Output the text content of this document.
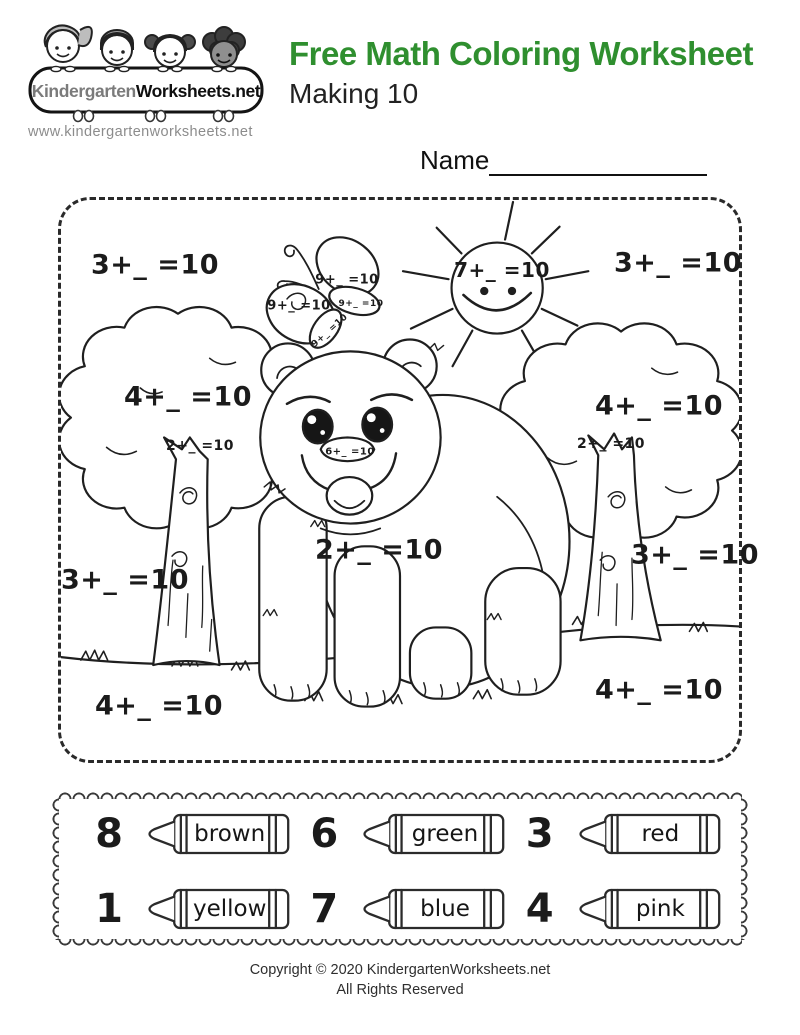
Kindergarten Worksheets.net
www.kindergartenworksheets.net
Free Math Coloring Worksheet

Making 10

Name
3+_ =10	3+_ =10
4+_ =10	4+_ =10
2+_ =10	2+_ =10
2+_ =10
3+_ =10
3+_ =10
4+_ =10
4+_ =10
7+_ =10
6+_ =10
9+_ =10
9+_ =10 9+_ =10
9+_ =10
8	brown 6	green 3	red
1	yellow 7	blue 4	pink
Copyright © 2020 KindergartenWorksheets.net
All Rights Reserved
